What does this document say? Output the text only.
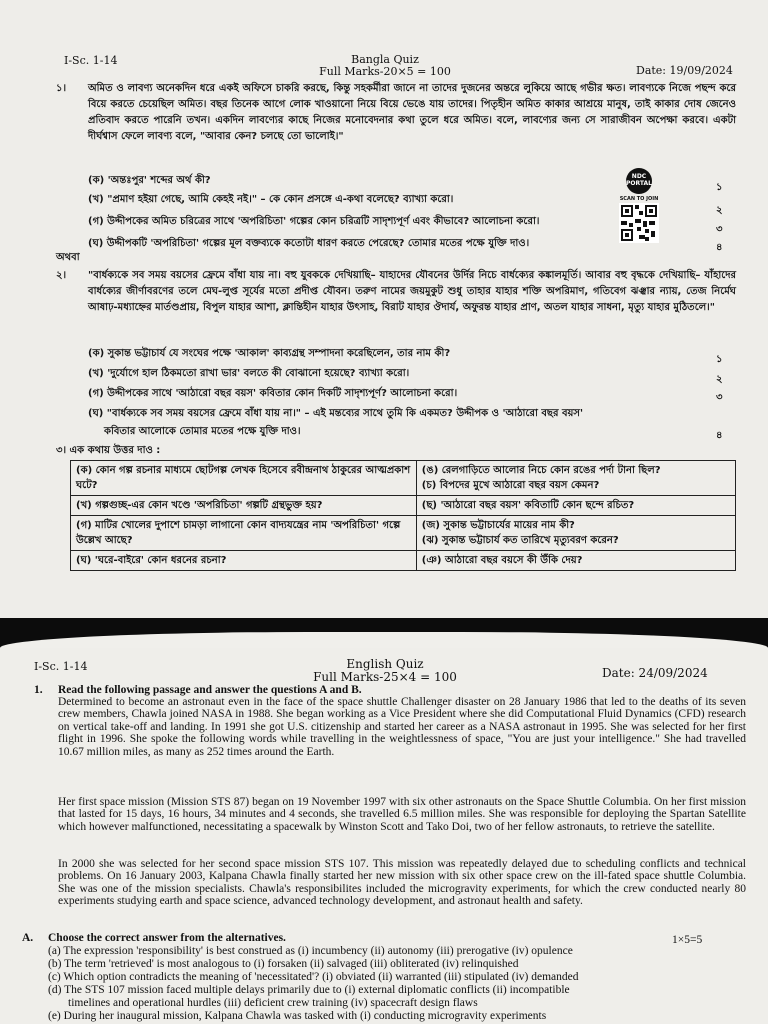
I-Sc. 1-14	Bangla Quiz
Full Marks-20×5 = 100	Date: 19/09/2024
১। অমিত ও লাবণ্য অনেকদিন ধরে একই অফিসে চাকরি করছে, কিন্তু সহকর্মীরা জানে না তাদের দুজনের অন্তরে লুকিয়ে আছে গভীর ক্ষত। লাবণ্যকে নিজে পছন্দ করে বিয়ে করতে চেয়েছিল অমিত। বছর তিনেক আগে লোক খাওয়ানো নিয়ে বিয়ে ভেঙে যায় তাদের। পিতৃহীন অমিত কাকার আশ্রয়ে মানুষ, তাই কাকার দোষ জেনেও প্রতিবাদ করতে পারেনি তখন। একদিন লাবণ্যের কাছে নিজের মনোবেদনার কথা তুলে ধরে অমিত। বলে, লাবণ্যের জন্য সে সারাজীবন অপেক্ষা করবে। একটা দীর্ঘশ্বাস ফেলে লাবণ্য বলে, "আবার কেন? চলছে তো ভালোই।"
(ক) 'অন্তঃপুর' শব্দের অর্থ কী?
১
(খ) "প্রমাণ হইয়া গেছে, আমি কেহই নই।" – কে কোন প্রসঙ্গে এ-কথা বলেছে? ব্যাখ্যা করো।
২
(গ) উদ্দীপকের অমিত চরিত্রের সাথে 'অপরিচিতা' গল্পের কোন চরিত্রটি সাদৃশ্যপূর্ণ এবং কীভাবে? আলোচনা করো।
৩
(ঘ) উদ্দীপকটি 'অপরিচিতা' গল্পের মূল বক্তব্যকে কতোটা ধারণ করতে পেরেছে? তোমার মতের পক্ষে যুক্তি দাও।	৪
NDC PORTAL
SCAN TO JOIN
অথবা
২। "বার্ধক্যকে সব সময় বয়সের ফ্রেমে বাঁধা যায় না। বহু যুবককে দেখিয়াছি– যাহাদের যৌবনের উর্দির নিচে বার্ধক্যের কঙ্কালমূর্তি। আবার বহু বৃদ্ধকে দেখিয়াছি– যাঁহাদের বার্ধক্যের জীর্ণাবরণের তলে মেঘ-লুপ্ত সূর্যের মতো প্রদীপ্ত যৌবন। তরুণ নামের জয়মুকুট শুধু তাহার যাহার শক্তি অপরিমাণ, গতিবেগ ঝঞ্ঝার ন্যায়, তেজ নির্মেঘ আষাঢ়-মধ্যাহ্নের মার্তণ্ডপ্রায়, বিপুল যাহার আশা, ক্লান্তিহীন যাহার উৎসাহ, বিরাট যাহার ঔদার্য, অফুরন্ত যাহার প্রাণ, অতল যাহার সাধনা, মৃত্যু যাহার মুঠিতলে।"
(ক) সুকান্ত ভট্টাচার্য যে সংঘের পক্ষে 'আকাল' কাব্যগ্রন্থ সম্পাদনা করেছিলেন, তার নাম কী?
১
(খ) 'দুর্যোগে হাল ঠিকমতো রাখা ভার' বলতে কী বোঝানো হয়েছে? ব্যাখ্যা করো।
২
(গ) উদ্দীপকের সাথে 'আঠারো বছর বয়স' কবিতার কোন দিকটি সাদৃশ্যপূর্ণ? আলোচনা করো।	৩
(ঘ) "বার্ধক্যকে সব সময় বয়সের ফ্রেমে বাঁধা যায় না।" – এই মন্তব্যের সাথে তুমি কি একমত? উদ্দীপক ও 'আঠারো বছর বয়স'
কবিতার আলোকে তোমার মতের পক্ষে যুক্তি দাও।	৪
৩। এক কথায় উত্তর দাও :
(ক) কোন গল্প রচনার মাধ্যমে ছোটগল্প লেখক হিসেবে রবীন্দ্রনাথ ঠাকুরের আত্মপ্রকাশ ঘটে?	(ঙ) রেলগাড়িতে আলোর নিচে কোন রঙের পর্দা টানা ছিল?
(চ) বিপদের মুখে আঠারো বছর বয়স কেমন?

(খ) গল্পগুচ্ছ-এর কোন খণ্ডে 'অপরিচিতা' গল্পটি গ্রন্থভুক্ত হয়?	(ছ) 'আঠারো বছর বয়স' কবিতাটি কোন ছন্দে রচিত?
(গ) মাটির খোলের দুপাশে চামড়া লাগানো কোন বাদ্যযন্ত্রের নাম 'অপরিচিতা' গল্পে উল্লেখ আছে?	(জ) সুকান্ত ভট্টাচার্যের মায়ের নাম কী?
(ঝ) সুকান্ত ভট্টাচার্য কত তারিখে মৃত্যুবরণ করেন?

(ঘ) 'ঘরে-বাইরে' কোন ধরনের রচনা?	(ঞ) আঠারো বছর বয়সে কী উঁকি দেয়?
I-Sc. 1-14	English Quiz
Full Marks-25×4 = 100	Date: 24/09/2024
1. Read the following passage and answer the questions A and B.
Determined to become an astronaut even in the face of the space shuttle Challenger disaster on 28 January 1986 that led to the deaths of its seven crew members, Chawla joined NASA in 1988. She began working as a Vice President where she did Computational Fluid Dynamics (CFD) research on vertical take-off and landing. In 1991 she got U.S. citizenship and started her career as a NASA astronaut in 1995. She was selected for her first flight in 1996. She spoke the following words while travelling in the weightlessness of space, "You are just your intelligence." She had travelled 10.67 million miles, as many as 252 times around the Earth.
Her first space mission (Mission STS 87) began on 19 November 1997 with six other astronauts on the Space Shuttle Columbia. On her first mission that lasted for 15 days, 16 hours, 34 minutes and 4 seconds, she travelled 6.5 million miles. She was responsible for deploying the Spartan Satellite which however malfunctioned, necessitating a spacewalk by Winston Scott and Tako Doi, two of her fellow astronauts, to retrieve the satellite.
In 2000 she was selected for her second space mission STS 107. This mission was repeatedly delayed due to scheduling conflicts and technical problems. On 16 January 2003, Kalpana Chawla finally started her new mission with six other space crew on the ill-fated space shuttle Columbia. She was one of the mission specialists. Chawla's responsibilites included the microgravity experiments, for which the crew conducted nearly 80 experiments studying earth and space science, advanced technology development, and astronaut health and safety.
A. Choose the correct answer from the alternatives.	1×5=5
(a) The expression 'responsibility' is best construed as (i) incumbency (ii) autonomy (iii) prerogative (iv) opulence
(b) The term 'retrieved' is most analogous to (i) forsaken (ii) salvaged (iii) obliterated (iv) relinquished
(c) Which option contradicts the meaning of 'necessitated'? (i) obviated (ii) warranted (iii) stipulated (iv) demanded
(d) The STS 107 mission faced multiple delays primarily due to (i) external diplomatic conflicts (ii) incompatible
timelines and operational hurdles (iii) deficient crew training (iv) spacecraft design flaws
(e) During her inaugural mission, Kalpana Chawla was tasked with (i) conducting microgravity experiments
